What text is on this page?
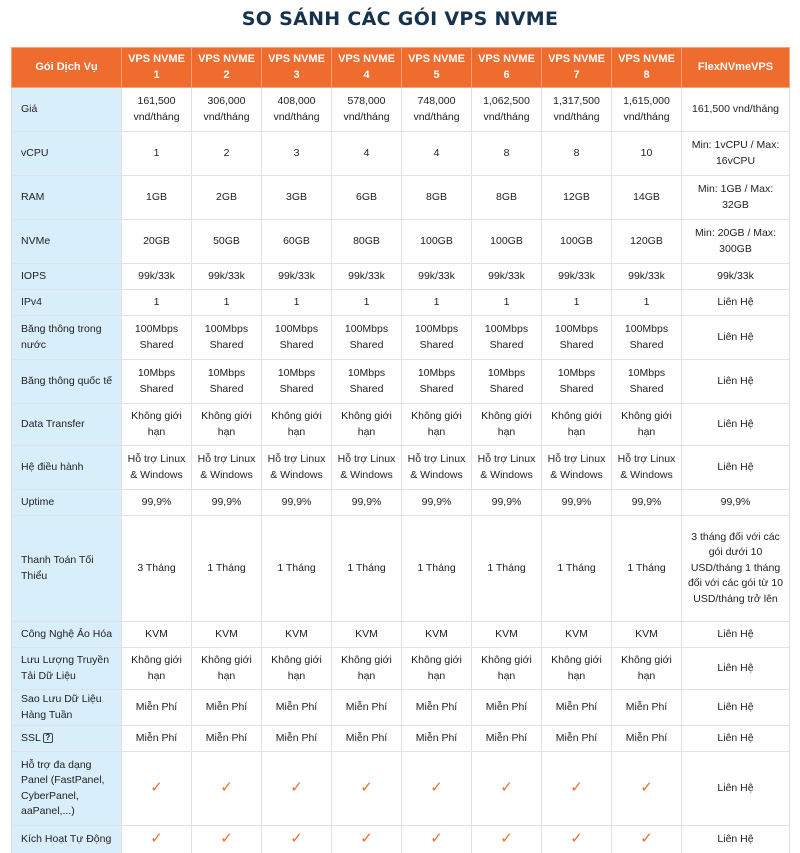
SO SÁNH CÁC GÓI VPS NVME
Gói Dịch Vụ	VPS NVME 1	VPS NVME 2	VPS NVME 3	VPS NVME 4	VPS NVME 5	VPS NVME 6	VPS NVME 7	VPS NVME 8	FlexNVmeVPS
Giá	161,500 vnd/tháng	306,000 vnd/tháng	408,000 vnd/tháng	578,000 vnd/tháng	748,000 vnd/tháng	1,062,500 vnd/tháng	1,317,500 vnd/tháng	1,615,000 vnd/tháng	161,500 vnd/tháng
vCPU	1	2	3	4	4	8	8	10	Min: 1vCPU / Max: 16vCPU
RAM	1GB	2GB	3GB	6GB	8GB	8GB	12GB	14GB	Min: 1GB / Max: 32GB
NVMe	20GB	50GB	60GB	80GB	100GB	100GB	100GB	120GB	Min: 20GB / Max: 300GB
IOPS	99k/33k	99k/33k	99k/33k	99k/33k	99k/33k	99k/33k	99k/33k	99k/33k	99k/33k
IPv4	1	1	1	1	1	1	1	1	Liên Hệ
Băng thông trong nước	100Mbps Shared	100Mbps Shared	100Mbps Shared	100Mbps Shared	100Mbps Shared	100Mbps Shared	100Mbps Shared	100Mbps Shared	Liên Hệ
Băng thông quốc tế	10Mbps Shared	10Mbps Shared	10Mbps Shared	10Mbps Shared	10Mbps Shared	10Mbps Shared	10Mbps Shared	10Mbps Shared	Liên Hệ
Data Transfer	Không giới hạn	Không giới hạn	Không giới hạn	Không giới hạn	Không giới hạn	Không giới hạn	Không giới hạn	Không giới hạn	Liên Hệ
Hệ điều hành	Hỗ trợ Linux & Windows	Hỗ trợ Linux & Windows	Hỗ trợ Linux & Windows	Hỗ trợ Linux & Windows	Hỗ trợ Linux & Windows	Hỗ trợ Linux & Windows	Hỗ trợ Linux & Windows	Hỗ trợ Linux & Windows	Liên Hệ
Uptime	99,9%	99,9%	99,9%	99,9%	99,9%	99,9%	99,9%	99,9%	99,9%
Thanh Toán Tối Thiểu	3 Tháng	1 Tháng	1 Tháng	1 Tháng	1 Tháng	1 Tháng	1 Tháng	1 Tháng	3 tháng đối với các gói dưới 10 USD/tháng 1 tháng đối với các gói từ 10 USD/tháng trở lên
Công Nghệ Ảo Hóa	KVM	KVM	KVM	KVM	KVM	KVM	KVM	KVM	Liên Hệ
Lưu Lượng Truyền Tải Dữ Liệu	Không giới hạn	Không giới hạn	Không giới hạn	Không giới hạn	Không giới hạn	Không giới hạn	Không giới hạn	Không giới hạn	Liên Hệ
Sao Lưu Dữ Liệu Hàng Tuần	Miễn Phí	Miễn Phí	Miễn Phí	Miễn Phí	Miễn Phí	Miễn Phí	Miễn Phí	Miễn Phí	Liên Hệ
SSL ?	Miễn Phí	Miễn Phí	Miễn Phí	Miễn Phí	Miễn Phí	Miễn Phí	Miễn Phí	Miễn Phí	Liên Hệ
Hỗ trợ đa dạng Panel (FastPanel, CyberPanel, aaPanel,...)	✓	✓	✓	✓	✓	✓	✓	✓	Liên Hệ
Kích Hoạt Tự Động	✓	✓	✓	✓	✓	✓	✓	✓	Liên Hệ
